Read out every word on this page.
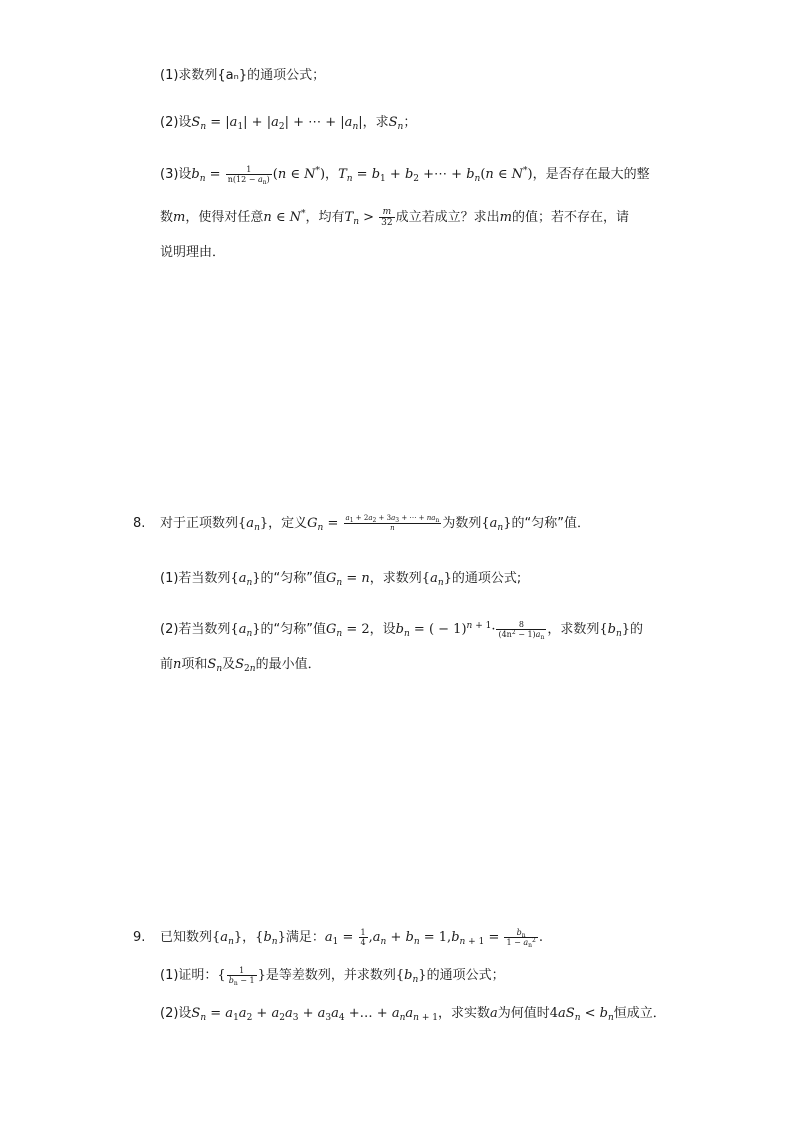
(1)求数列{aₙ}的通项公式；
(2)设$S_n = |a_1| + |a_2|$ + ⋯ + $|a_n|$，求$S_n$；
(3)设$b_n = \frac{1}{n(12 - a_n)} (n$ ∈ N*)，$T_n = b_1 + b_2$ +⋯ + $b_n(n$ ∈ N*)，是否存在最大的整
数m，使得对任意n ∈ N*，均有$T_n > \frac{m}{32}$ 成立若成立？求出m的值；若不存在，请
说明理由．
8. 对于正项数列$\{a_n\}$，定义$G_n = \frac{a_1 + 2a_2 + 3a_3 + \cdots + na_n}{n}$ 为数列$\{a_n\}$的“匀称”值．
(1)若当数列$\{a_n\}$的“匀称”值$G_n = n$，求数列$\{a_n\}$的通项公式;
(2)若当数列$\{a_n\}$的“匀称”值$G_n = 2$，设$b_n$ = ( − $1)^{n + 1}\cdot \frac{8}{(4n^2 - 1)a_n}$ ，求数列$\{b_n\}$的
前n项和$S_n$及$S_{2n}$的最小值．
9. 已知数列$\{a_n\}$，$\{b_n\}$满足：$a_1 = \frac{1}{4} ,a_n + b_n = 1,b_{n + 1} = \frac{b_n}{1 - a_n^2}$ .
(1)证明：{ $\frac{1}{b_n - 1}$ }是等差数列，并求数列$\{b_n\}$的通项公式；
(2)设$S_n = a_1a_2 + a_2a_3 + a_3a_4$ +… + $a_na_{n + 1}$，求实数a为何值时$4aS_n < b_n$恒成立．
